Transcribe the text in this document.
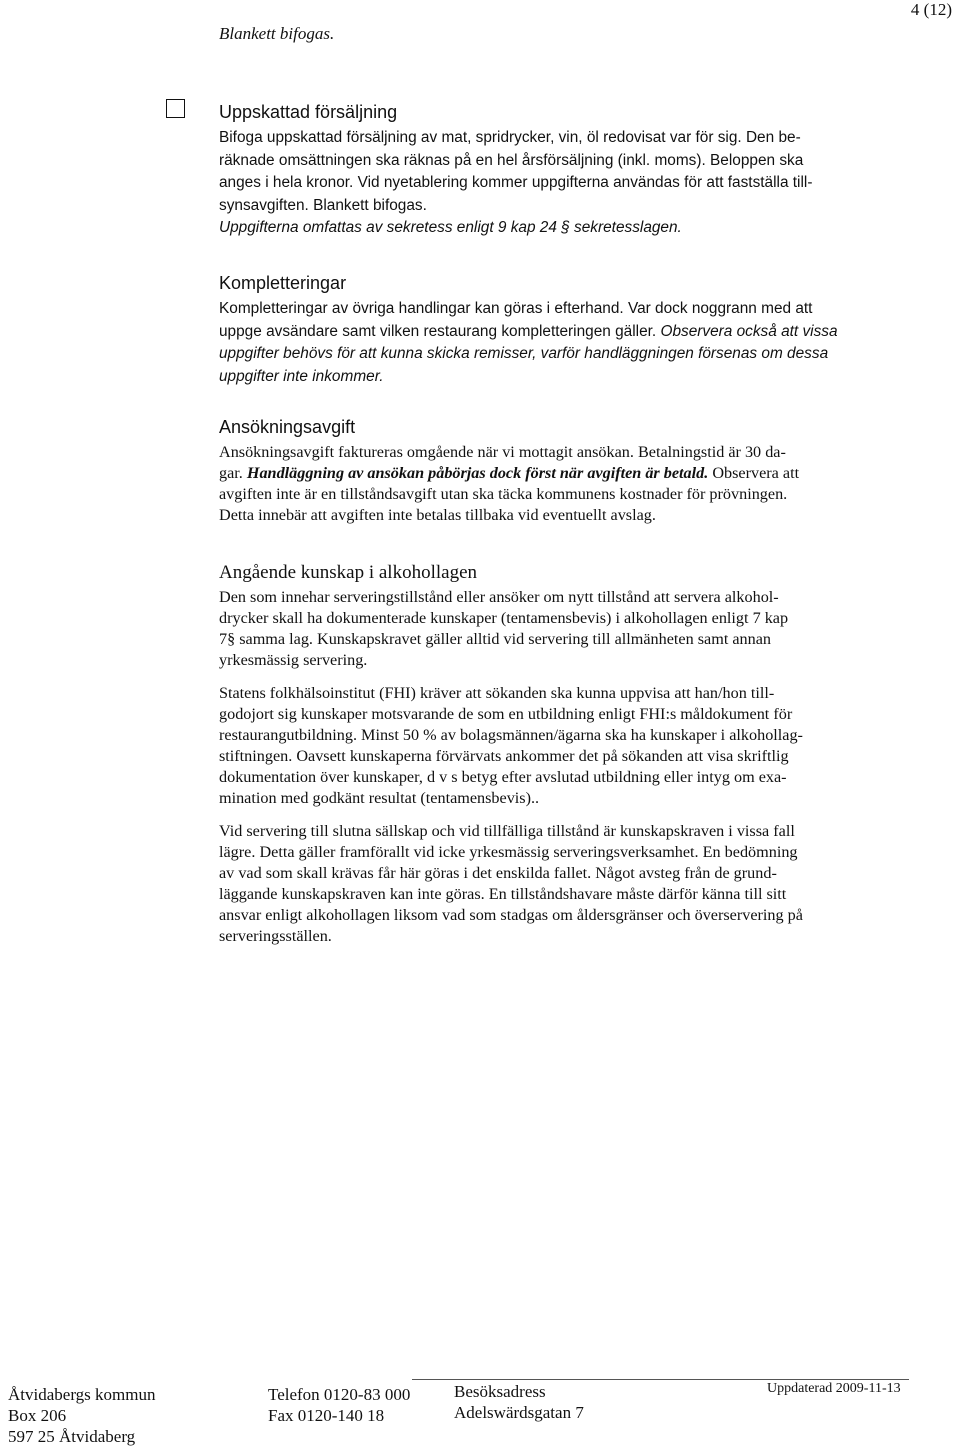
4 (12)
Blankett bifogas.
Uppskattad försäljning

Bifoga uppskattad försäljning av mat, spridrycker, vin, öl redovisat var för sig. Den be-

räknade omsättningen ska räknas på en hel årsförsäljning (inkl. moms). Beloppen ska

anges i hela kronor. Vid nyetablering kommer uppgifterna användas för att fastställa till-

synsavgiften. Blankett bifogas.

Uppgifterna omfattas av sekretess enligt 9 kap 24 § sekretesslagen.

Kompletteringar

Kompletteringar av övriga handlingar kan göras i efterhand. Var dock noggrann med att

uppge avsändare samt vilken restaurang kompletteringen gäller. Observera också att vissa

uppgifter behövs för att kunna skicka remisser, varför handläggningen försenas om dessa

uppgifter inte inkommer.

Ansökningsavgift

Ansökningsavgift faktureras omgående när vi mottagit ansökan. Betalningstid är 30 da-

gar. Handläggning av ansökan påbörjas dock först när avgiften är betald. Observera att

avgiften inte är en tillståndsavgift utan ska täcka kommunens kostnader för prövningen.

Detta innebär att avgiften inte betalas tillbaka vid eventuellt avslag.

Angående kunskap i alkohollagen

Den som innehar serveringstillstånd eller ansöker om nytt tillstånd att servera alkohol-

drycker skall ha dokumenterade kunskaper (tentamensbevis) i alkohollagen enligt 7 kap

7§ samma lag. Kunskapskravet gäller alltid vid servering till allmänheten samt annan

yrkesmässig servering.

Statens folkhälsoinstitut (FHI) kräver att sökanden ska kunna uppvisa att han/hon till-

godojort sig kunskaper motsvarande de som en utbildning enligt FHI:s måldokument för

restaurangutbildning. Minst 50 % av bolagsmännen/ägarna ska ha kunskaper i alkohollag-

stiftningen. Oavsett kunskaperna förvärvats ankommer det på sökanden att visa skriftlig

dokumentation över kunskaper, d v s betyg efter avslutad utbildning eller intyg om exa-

mination med godkänt resultat (tentamensbevis)..

Vid servering till slutna sällskap och vid tillfälliga tillstånd är kunskapskraven i vissa fall

lägre. Detta gäller framförallt vid icke yrkesmässig serveringsverksamhet. En bedömning

av vad som skall krävas får här göras i det enskilda fallet. Något avsteg från de grund-

läggande kunskapskraven kan inte göras. En tillståndshavare måste därför känna till sitt

ansvar enligt alkohollagen liksom vad som stadgas om åldersgränser och överservering på

serveringsställen.

Åtvidabergs kommun
Box 206
597 25 Åtvidaberg
Telefon 0120-83 000
Fax 0120-140 18
Besöksadress
Adelswärdsgatan 7
Uppdaterad 2009-11-13
